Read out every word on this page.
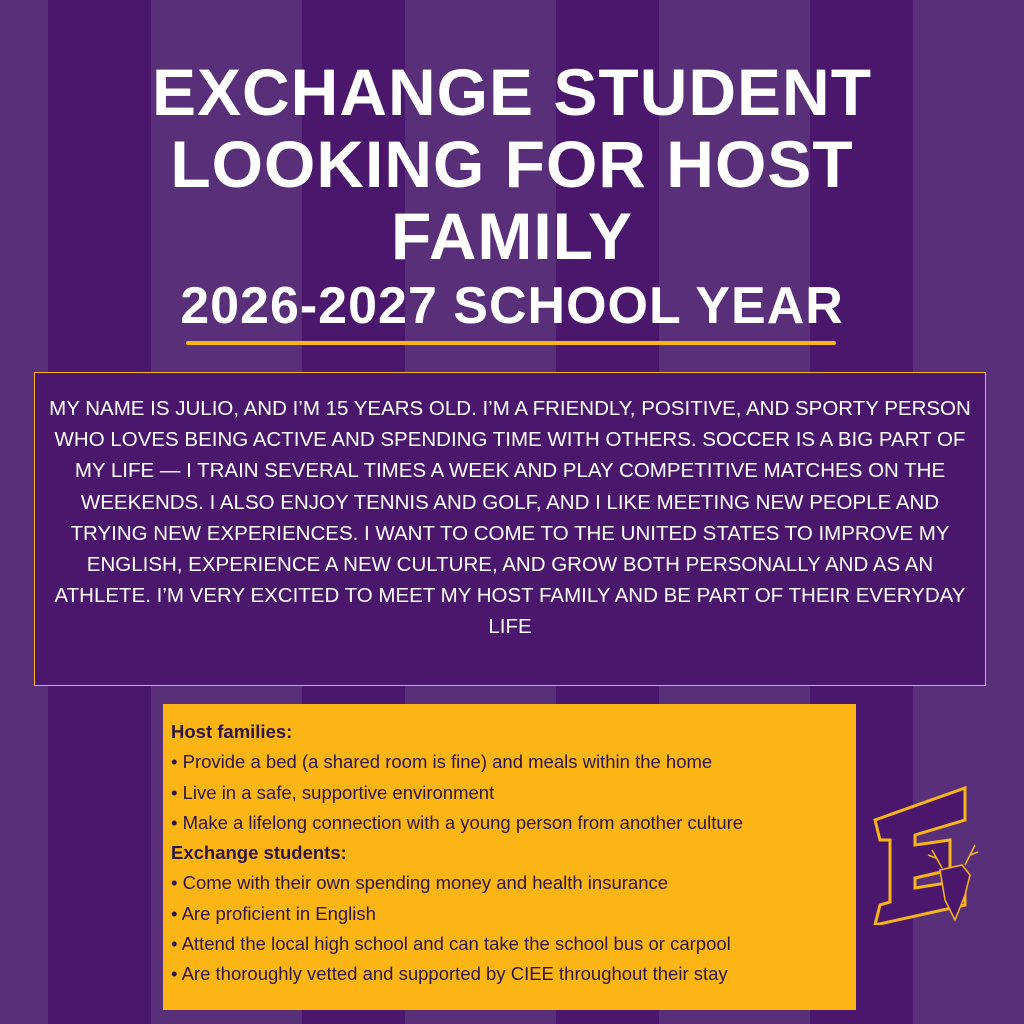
EXCHANGE STUDENT
LOOKING FOR HOST
FAMILY
2026-2027 SCHOOL YEAR
MY NAME IS JULIO, AND I’M 15 YEARS OLD. I’M A FRIENDLY, POSITIVE, AND SPORTY PERSON WHO LOVES BEING ACTIVE AND SPENDING TIME WITH OTHERS. SOCCER IS A BIG PART OF MY LIFE — I TRAIN SEVERAL TIMES A WEEK AND PLAY COMPETITIVE MATCHES ON THE WEEKENDS. I ALSO ENJOY TENNIS AND GOLF, AND I LIKE MEETING NEW PEOPLE AND TRYING NEW EXPERIENCES. I WANT TO COME TO THE UNITED STATES TO IMPROVE MY ENGLISH, EXPERIENCE A NEW CULTURE, AND GROW BOTH PERSONALLY AND AS AN ATHLETE. I’M VERY EXCITED TO MEET MY HOST FAMILY AND BE PART OF THEIR EVERYDAY LIFE
Host families:
• Provide a bed (a shared room is fine) and meals within the home
• Live in a safe, supportive environment
• Make a lifelong connection with a young person from another culture
Exchange students:
• Come with their own spending money and health insurance
• Are proficient in English
• Attend the local high school and can take the school bus or carpool
• Are thoroughly vetted and supported by CIEE throughout their stay
